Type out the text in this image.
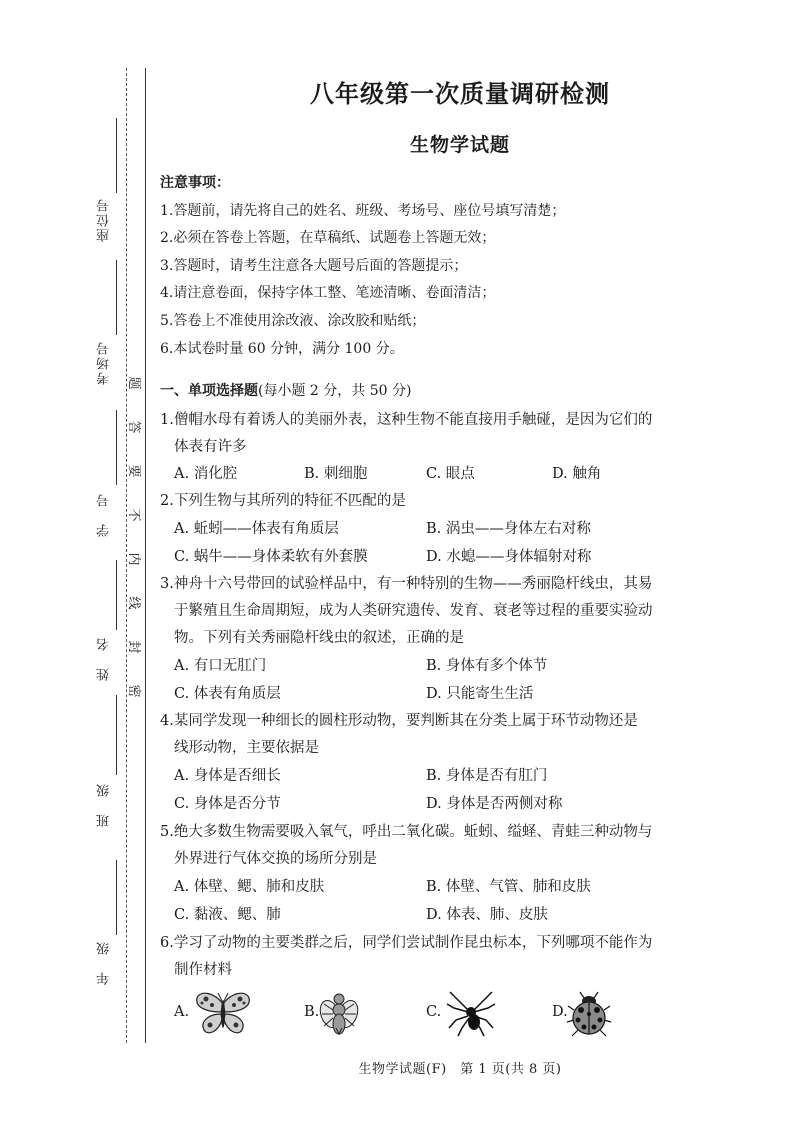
座位号
考场号
学　号
姓　名
班　级
年　级
题
答
要
不
内
线
封
密
八年级第一次质量调研检测
生物学试题
注意事项：
1.答题前，请先将自己的姓名、班级、考场号、座位号填写清楚；
2.必须在答卷上答题，在草稿纸、试题卷上答题无效；
3.答题时，请考生注意各大题号后面的答题提示；
4.请注意卷面，保持字体工整、笔迹清晰、卷面清洁；
5.答卷上不准使用涂改液、涂改胶和贴纸；
6.本试卷时量 60 分钟，满分 100 分。
一、单项选择题(每小题 2 分，共 50 分)
1.僧帽水母有着诱人的美丽外表，这种生物不能直接用手触碰，是因为它们的
体表有许多
A. 消化腔	B. 刺细胞	C. 眼点	D. 触角
2.下列生物与其所列的特征不匹配的是
A. 蚯蚓——体表有角质层	B. 涡虫——身体左右对称
C. 蜗牛——身体柔软有外套膜	D. 水螅——身体辐射对称
3.神舟十六号带回的试验样品中，有一种特别的生物——秀丽隐杆线虫，其易
于繁殖且生命周期短，成为人类研究遗传、发育、衰老等过程的重要实验动
物。下列有关秀丽隐杆线虫的叙述，正确的是
A. 有口无肛门	B. 身体有多个体节
C. 体表有角质层	D. 只能寄生生活
4.某同学发现一种细长的圆柱形动物，要判断其在分类上属于环节动物还是
线形动物，主要依据是
A. 身体是否细长	B. 身体是否有肛门
C. 身体是否分节	D. 身体是否两侧对称
5.绝大多数生物需要吸入氧气，呼出二氧化碳。蚯蚓、缢蛏、青蛙三种动物与
外界进行气体交换的场所分别是
A. 体壁、鳃、肺和皮肤	B. 体壁、气管、肺和皮肤
C. 黏液、鳃、肺	D. 体表、肺、皮肤
6.学习了动物的主要类群之后，同学们尝试制作昆虫标本，下列哪项不能作为
制作材料
A.	B.	C.	D.
生物学试题(F)　第 1 页(共 8 页)
